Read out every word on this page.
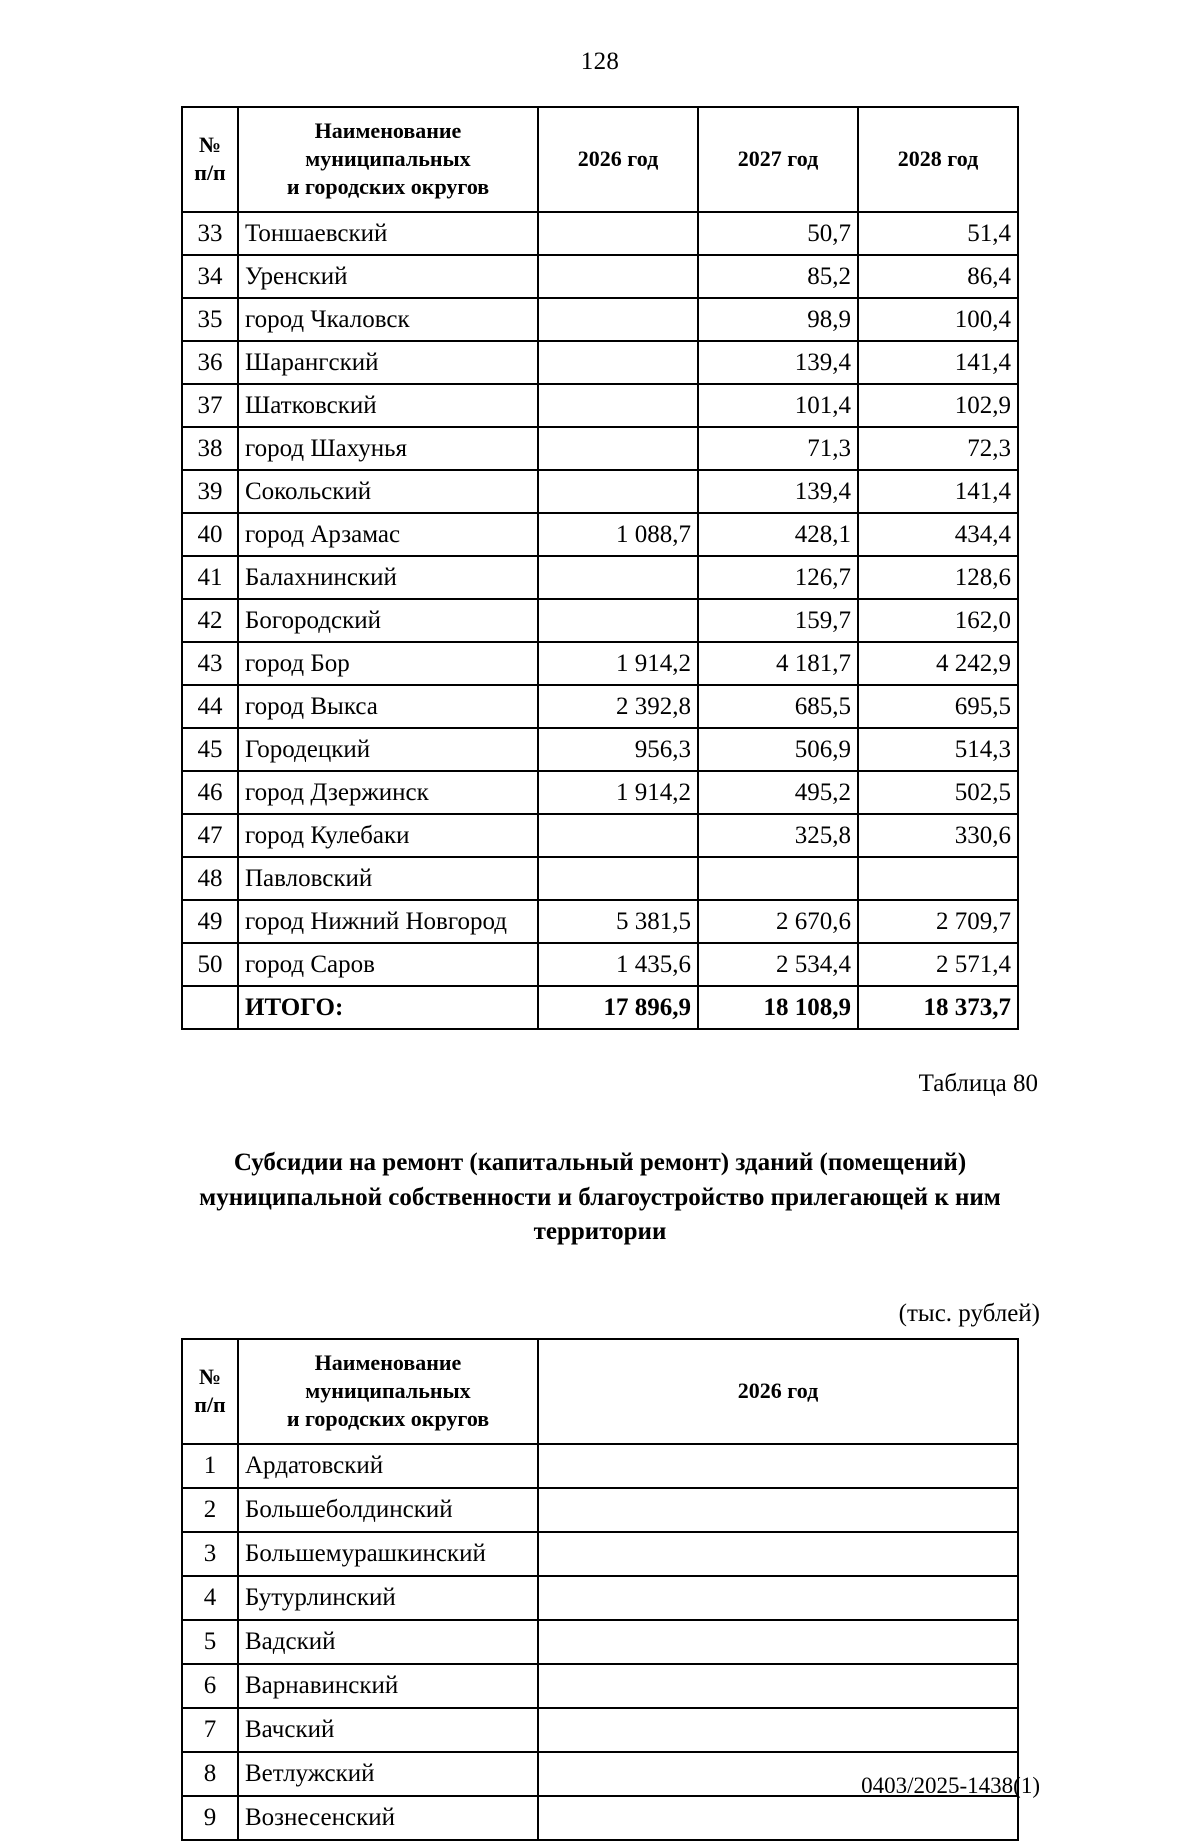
128
№
п/п	Наименование
муниципальных
и городских округов	2026 год	2027 год	2028 год
33	Тоншаевский		50,7	51,4
34	Уренский		85,2	86,4
35	город Чкаловск		98,9	100,4
36	Шарангский		139,4	141,4
37	Шатковский		101,4	102,9
38	город Шахунья		71,3	72,3
39	Сокольский		139,4	141,4
40	город Арзамас	1 088,7	428,1	434,4
41	Балахнинский		126,7	128,6
42	Богородский		159,7	162,0
43	город Бор	1 914,2	4 181,7	4 242,9
44	город Выкса	2 392,8	685,5	695,5
45	Городецкий	956,3	506,9	514,3
46	город Дзержинск	1 914,2	495,2	502,5
47	город Кулебаки		325,8	330,6
48	Павловский			
49	город Нижний Новгород	5 381,5	2 670,6	2 709,7
50	город Саров	1 435,6	2 534,4	2 571,4
	ИТОГО:	17 896,9	18 108,9	18 373,7
Таблица 80
Субсидии на ремонт (капитальный ремонт) зданий (помещений) муниципальной собственности и благоустройство прилегающей к ним территории
(тыс. рублей)
№
п/п	Наименование
муниципальных
и городских округов	2026 год
1	Ардатовский	
2	Большеболдинский	
3	Большемурашкинский	
4	Бутурлинский	
5	Вадский	
6	Варнавинский	
7	Вачский	
8	Ветлужский	
9	Вознесенский	
0403/2025-1438(1)
